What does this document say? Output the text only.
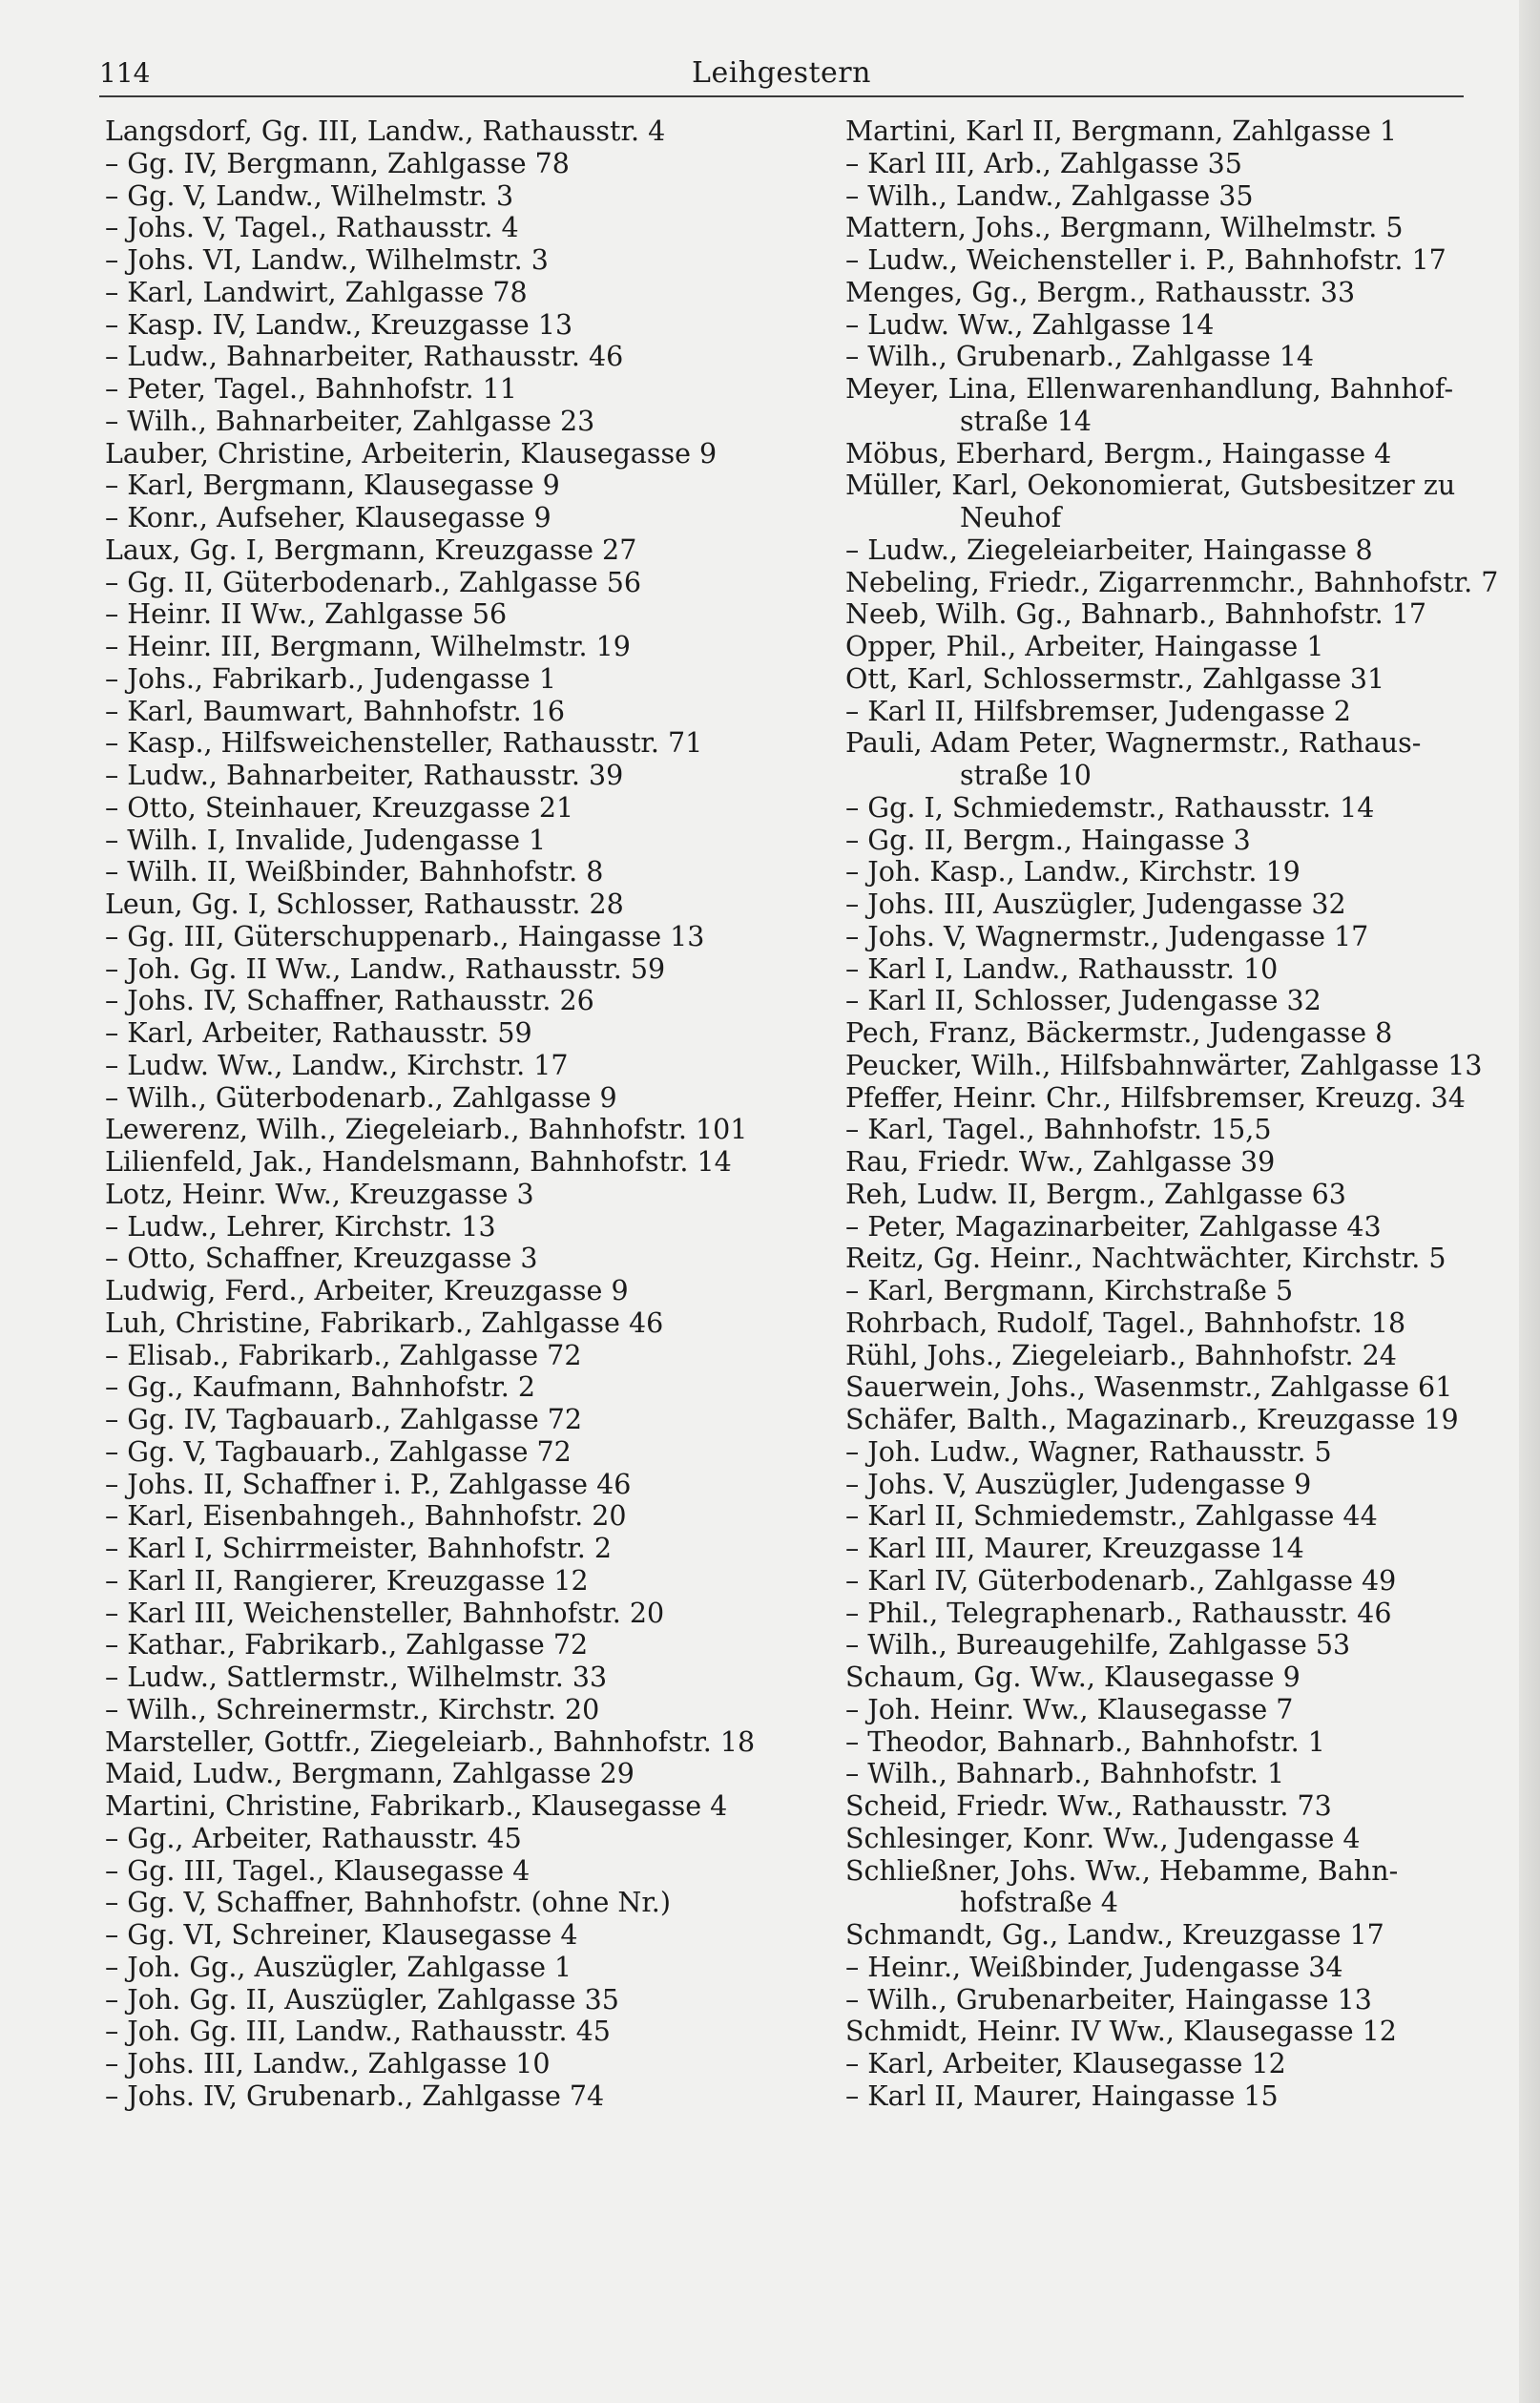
114	Leihgestern
Langsdorf, Gg. III, Landw., Rathausstr. 4
– Gg. IV, Bergmann, Zahlgasse 78
– Gg. V, Landw., Wilhelmstr. 3
– Johs. V, Tagel., Rathausstr. 4
– Johs. VI, Landw., Wilhelmstr. 3
– Karl, Landwirt, Zahlgasse 78
– Kasp. IV, Landw., Kreuzgasse 13
– Ludw., Bahnarbeiter, Rathausstr. 46
– Peter, Tagel., Bahnhofstr. 11
– Wilh., Bahnarbeiter, Zahlgasse 23
Lauber, Christine, Arbeiterin, Klausegasse 9
– Karl, Bergmann, Klausegasse 9
– Konr., Aufseher, Klausegasse 9
Laux, Gg. I, Bergmann, Kreuzgasse 27
– Gg. II, Güterbodenarb., Zahlgasse 56
– Heinr. II Ww., Zahlgasse 56
– Heinr. III, Bergmann, Wilhelmstr. 19
– Johs., Fabrikarb., Judengasse 1
– Karl, Baumwart, Bahnhofstr. 16
– Kasp., Hilfsweichensteller, Rathausstr. 71
– Ludw., Bahnarbeiter, Rathausstr. 39
– Otto, Steinhauer, Kreuzgasse 21
– Wilh. I, Invalide, Judengasse 1
– Wilh. II, Weißbinder, Bahnhofstr. 8
Leun, Gg. I, Schlosser, Rathausstr. 28
– Gg. III, Güterschuppenarb., Haingasse 13
– Joh. Gg. II Ww., Landw., Rathausstr. 59
– Johs. IV, Schaffner, Rathausstr. 26
– Karl, Arbeiter, Rathausstr. 59
– Ludw. Ww., Landw., Kirchstr. 17
– Wilh., Güterbodenarb., Zahlgasse 9
Lewerenz, Wilh., Ziegeleiarb., Bahnhofstr. 101
Lilienfeld, Jak., Handelsmann, Bahnhofstr. 14
Lotz, Heinr. Ww., Kreuzgasse 3
– Ludw., Lehrer, Kirchstr. 13
– Otto, Schaffner, Kreuzgasse 3
Ludwig, Ferd., Arbeiter, Kreuzgasse 9
Luh, Christine, Fabrikarb., Zahlgasse 46
– Elisab., Fabrikarb., Zahlgasse 72
– Gg., Kaufmann, Bahnhofstr. 2
– Gg. IV, Tagbauarb., Zahlgasse 72
– Gg. V, Tagbauarb., Zahlgasse 72
– Johs. II, Schaffner i. P., Zahlgasse 46
– Karl, Eisenbahngeh., Bahnhofstr. 20
– Karl I, Schirrmeister, Bahnhofstr. 2
– Karl II, Rangierer, Kreuzgasse 12
– Karl III, Weichensteller, Bahnhofstr. 20
– Kathar., Fabrikarb., Zahlgasse 72
– Ludw., Sattlermstr., Wilhelmstr. 33
– Wilh., Schreinermstr., Kirchstr. 20
Marsteller, Gottfr., Ziegeleiarb., Bahnhofstr. 18
Maid, Ludw., Bergmann, Zahlgasse 29
Martini, Christine, Fabrikarb., Klausegasse 4
– Gg., Arbeiter, Rathausstr. 45
– Gg. III, Tagel., Klausegasse 4
– Gg. V, Schaffner, Bahnhofstr. (ohne Nr.)
– Gg. VI, Schreiner, Klausegasse 4
– Joh. Gg., Auszügler, Zahlgasse 1
– Joh. Gg. II, Auszügler, Zahlgasse 35
– Joh. Gg. III, Landw., Rathausstr. 45
– Johs. III, Landw., Zahlgasse 10
– Johs. IV, Grubenarb., Zahlgasse 74
Martini, Karl II, Bergmann, Zahlgasse 1
– Karl III, Arb., Zahlgasse 35
– Wilh., Landw., Zahlgasse 35
Mattern, Johs., Bergmann, Wilhelmstr. 5
– Ludw., Weichensteller i. P., Bahnhofstr. 17
Menges, Gg., Bergm., Rathausstr. 33
– Ludw. Ww., Zahlgasse 14
– Wilh., Grubenarb., Zahlgasse 14
Meyer, Lina, Ellenwarenhandlung, Bahnhof-
straße 14
Möbus, Eberhard, Bergm., Haingasse 4
Müller, Karl, Oekonomierat, Gutsbesitzer zu
Neuhof
– Ludw., Ziegeleiarbeiter, Haingasse 8
Nebeling, Friedr., Zigarrenmchr., Bahnhofstr. 7
Neeb, Wilh. Gg., Bahnarb., Bahnhofstr. 17
Opper, Phil., Arbeiter, Haingasse 1
Ott, Karl, Schlossermstr., Zahlgasse 31
– Karl II, Hilfsbremser, Judengasse 2
Pauli, Adam Peter, Wagnermstr., Rathaus-
straße 10
– Gg. I, Schmiedemstr., Rathausstr. 14
– Gg. II, Bergm., Haingasse 3
– Joh. Kasp., Landw., Kirchstr. 19
– Johs. III, Auszügler, Judengasse 32
– Johs. V, Wagnermstr., Judengasse 17
– Karl I, Landw., Rathausstr. 10
– Karl II, Schlosser, Judengasse 32
Pech, Franz, Bäckermstr., Judengasse 8
Peucker, Wilh., Hilfsbahnwärter, Zahlgasse 13
Pfeffer, Heinr. Chr., Hilfsbremser, Kreuzg. 34
– Karl, Tagel., Bahnhofstr. 15,5
Rau, Friedr. Ww., Zahlgasse 39
Reh, Ludw. II, Bergm., Zahlgasse 63
– Peter, Magazinarbeiter, Zahlgasse 43
Reitz, Gg. Heinr., Nachtwächter, Kirchstr. 5
– Karl, Bergmann, Kirchstraße 5
Rohrbach, Rudolf, Tagel., Bahnhofstr. 18
Rühl, Johs., Ziegeleiarb., Bahnhofstr. 24
Sauerwein, Johs., Wasenmstr., Zahlgasse 61
Schäfer, Balth., Magazinarb., Kreuzgasse 19
– Joh. Ludw., Wagner, Rathausstr. 5
– Johs. V, Auszügler, Judengasse 9
– Karl II, Schmiedemstr., Zahlgasse 44
– Karl III, Maurer, Kreuzgasse 14
– Karl IV, Güterbodenarb., Zahlgasse 49
– Phil., Telegraphenarb., Rathausstr. 46
– Wilh., Bureaugehilfe, Zahlgasse 53
Schaum, Gg. Ww., Klausegasse 9
– Joh. Heinr. Ww., Klausegasse 7
– Theodor, Bahnarb., Bahnhofstr. 1
– Wilh., Bahnarb., Bahnhofstr. 1
Scheid, Friedr. Ww., Rathausstr. 73
Schlesinger, Konr. Ww., Judengasse 4
Schließner, Johs. Ww., Hebamme, Bahn-
hofstraße 4
Schmandt, Gg., Landw., Kreuzgasse 17
– Heinr., Weißbinder, Judengasse 34
– Wilh., Grubenarbeiter, Haingasse 13
Schmidt, Heinr. IV Ww., Klausegasse 12
– Karl, Arbeiter, Klausegasse 12
– Karl II, Maurer, Haingasse 15
